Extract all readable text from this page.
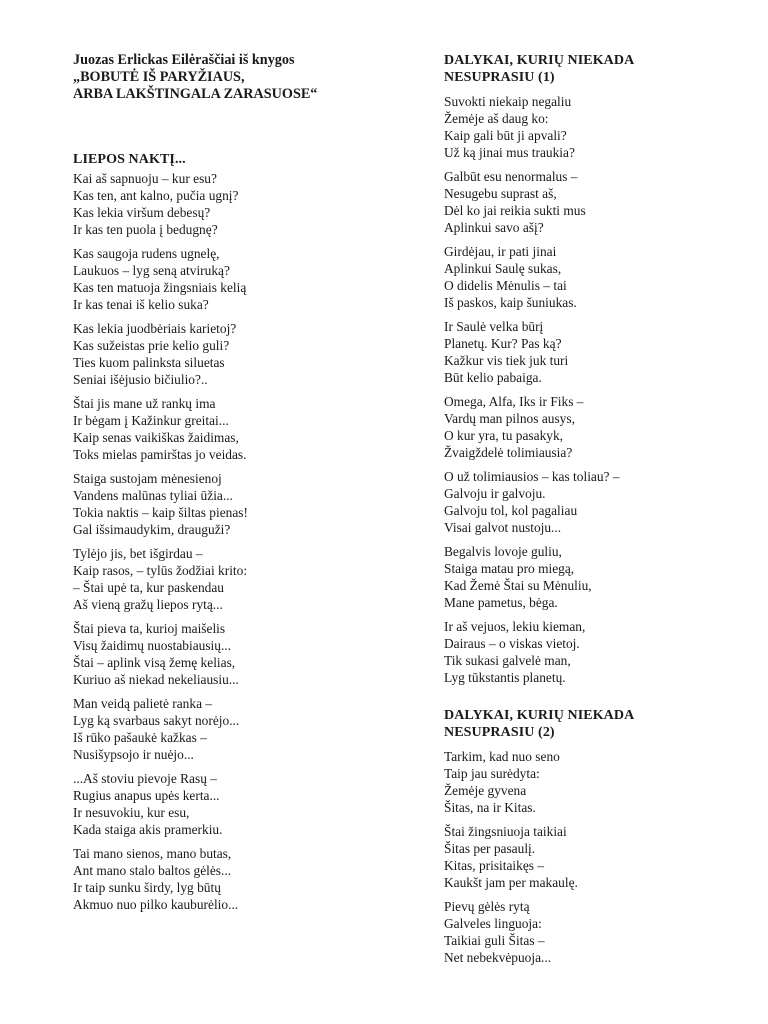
Juozas Erlickas Eilėraščiai iš knygos
„BOBUTĖ IŠ PARYŽIAUS,
ARBA LAKŠTINGALA ZARASUOSE“

LIEPOS NAKTĮ...

Kai aš sapnuoju – kur esu?
Kas ten, ant kalno, pučia ugnį?
Kas lekia viršum debesų?
Ir kas ten puola į bedugnę?

Kas saugoja rudens ugnelę,
Laukuos – lyg seną atviruką?
Kas ten matuoja žingsniais kelią
Ir kas tenai iš kelio suka?

Kas lekia juodbėriais karietoj?
Kas sužeistas prie kelio guli?
Ties kuom palinksta siluetas
Seniai išėjusio bičiulio?..

Štai jis mane už rankų ima
Ir bėgam į Kažinkur greitai...
Kaip senas vaikiškas žaidimas,
Toks mielas pamirštas jo veidas.

Staiga sustojam mėnesienoj
Vandens malūnas tyliai ūžia...
Tokia naktis – kaip šiltas pienas!
Gal išsimaudykim, drauguži?

Tylėjo jis, bet išgirdau –
Kaip rasos, – tylūs žodžiai krito:
– Štai upė ta, kur paskendau
Aš vieną gražų liepos rytą...

Štai pieva ta, kurioj maišelis
Visų žaidimų nuostabiausių...
Štai – aplink visą žemę kelias,
Kuriuo aš niekad nekeliausiu...

Man veidą palietė ranka –
Lyg ką svarbaus sakyt norėjo...
Iš rūko pašaukė kažkas –
Nusišypsojo ir nuėjo...

...Aš stoviu pievoje Rasų –
Rugius anapus upės kerta...
Ir nesuvokiu, kur esu,
Kada staiga akis pramerkiu.

Tai mano sienos, mano butas,
Ant mano stalo baltos gėlės...
Ir taip sunku širdy, lyg būtų
Akmuo nuo pilko kauburėlio...

DALYKAI, KURIŲ NIEKADA
NESUPRASIU (1)

Suvokti niekaip negaliu
Žemėje aš daug ko:
Kaip gali būt ji apvali?
Už ką jinai mus traukia?

Galbūt esu nenormalus –
Nesugebu suprast aš,
Dėl ko jai reikia sukti mus
Aplinkui savo ašį?

Girdėjau, ir pati jinai
Aplinkui Saulę sukas,
O didelis Mėnulis – tai
Iš paskos, kaip šuniukas.

Ir Saulė velka būrį
Planetų. Kur? Pas ką?
Kažkur vis tiek juk turi
Būt kelio pabaiga.

Omega, Alfa, Iks ir Fiks –
Vardų man pilnos ausys,
O kur yra, tu pasakyk,
Žvaigždelė tolimiausia?

O už tolimiausios – kas toliau? –
Galvoju ir galvoju.
Galvoju tol, kol pagaliau
Visai galvot nustoju...

Begalvis lovoje guliu,
Staiga matau pro miegą,
Kad Žemė Štai su Mėnuliu,
Mane pametus, bėga.

Ir aš vejuos, lekiu kieman,
Dairaus – o viskas vietoj.
Tik sukasi galvelė man,
Lyg tūkstantis planetų.

DALYKAI, KURIŲ NIEKADA
NESUPRASIU (2)

Tarkim, kad nuo seno
Taip jau surėdyta:
Žemėje gyvena
Šitas, na ir Kitas.

Štai žingsniuoja taikiai
Šitas per pasaulį.
Kitas, prisitaikęs –
Kaukšt jam per makaulę.

Pievų gėlės rytą
Galveles linguoja:
Taikiai guli Šitas –
Net nebekvėpuoja...
